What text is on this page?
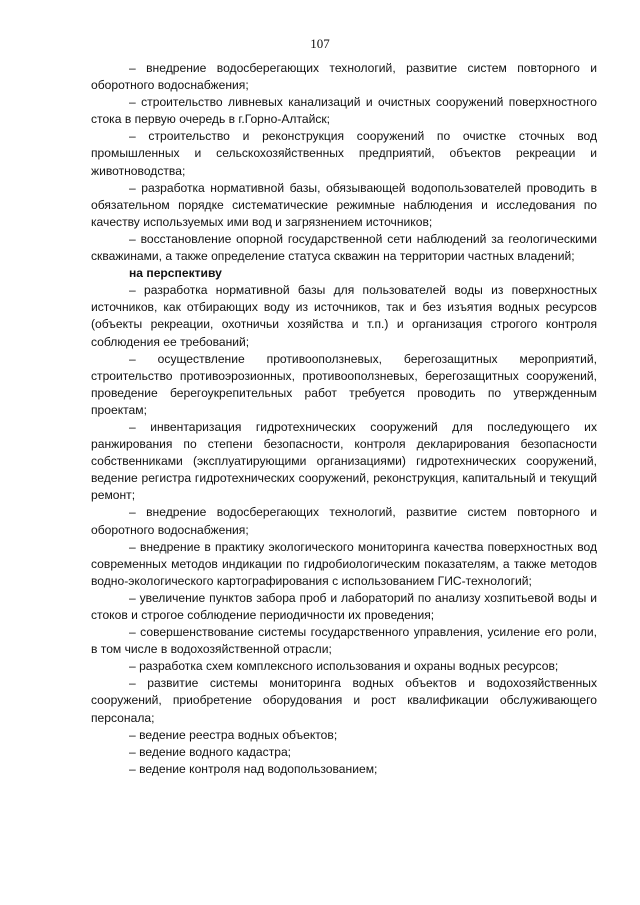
107

– внедрение водосберегающих технологий, развитие систем повторного и оборотного водоснабжения;

– строительство ливневых канализаций и очистных сооружений поверхностного стока в первую очередь в г.Горно-Алтайск;

– строительство и реконструкция сооружений по очистке сточных вод промышленных и сельскохозяйственных предприятий, объектов рекреации и животноводства;

– разработка нормативной базы, обязывающей водопользователей проводить в обязательном порядке систематические режимные наблюдения и исследования по качеству используемых ими вод и загрязнением источников;

– восстановление опорной государственной сети наблюдений за геологическими скважинами, а также определение статуса скважин на территории частных владений;

на перспективу

– разработка нормативной базы для пользователей воды из поверхностных источников, как отбирающих воду из источников, так и без изъятия водных ресурсов (объекты рекреации, охотничьи хозяйства и т.п.) и организация строгого контроля соблюдения ее требований;

– осуществление противооползневых, берегозащитных мероприятий, строительство противоэрозионных, противооползневых, берегозащитных сооружений, проведение берегоукрепительных работ требуется проводить по утвержденным проектам;

– инвентаризация гидротехнических сооружений для последующего их ранжирования по степени безопасности, контроля декларирования безопасности собственниками (эксплуатирующими организациями) гидротехнических сооружений, ведение регистра гидротехнических сооружений, реконструкция, капитальный и текущий ремонт;

– внедрение водосберегающих технологий, развитие систем повторного и оборотного водоснабжения;

– внедрение в практику экологического мониторинга качества поверхностных вод современных методов индикации по гидробиологическим показателям, а также методов водно-экологического картографирования с использованием ГИС-технологий;

– увеличение пунктов забора проб и лабораторий по анализу хозпитьевой воды и стоков и строгое соблюдение периодичности их проведения;

– совершенствование системы государственного управления, усиление его роли, в том числе в водохозяйственной отрасли;

– разработка схем комплексного использования и охраны водных ресурсов;

– развитие системы мониторинга водных объектов и водохозяйственных сооружений, приобретение оборудования и рост квалификации обслуживающего персонала;

– ведение реестра водных объектов;

– ведение водного кадастра;

– ведение контроля над водопользованием;
